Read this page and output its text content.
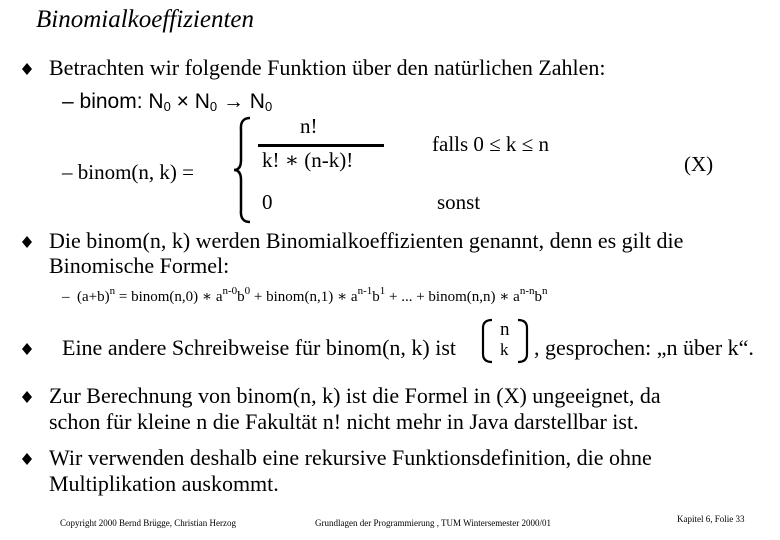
Binomialkoeffizienten
Betrachten wir folgende Funktion über den natürlichen Zahlen:
– binom: $N_0 \times N_0 \to N_0$
– binom(n, k) =
n!
k! ∗ (n-k)!
falls 0 ≤ k ≤ n
0	sonst
(X)
Die binom(n, k) werden Binomialkoeffizienten genannt, denn es gilt die
Binomische Formel:
– $(a+b)^n$ = binom(n,0) ∗ $a^{n-0}b^0$ + binom(n,1) ∗ $a^{n-1}b^1$ + ... + binom(n,n) ∗ $a^{n-n}b^n$
Eine andere Schreibweise für binom(n, k) ist
n
k , gesprochen: „n über k“.
Zur Berechnung von binom(n, k) ist die Formel in (X) ungeeignet, da
schon für kleine n die Fakultät n! nicht mehr in Java darstellbar ist.
Wir verwenden deshalb eine rekursive Funktionsdefinition, die ohne
Multiplikation auskommt.
Copyright 2000 Bernd Brügge, Christian Herzog	Grundlagen der Programmierung , TUM Wintersemester 2000/01	Kapitel 6, Folie 33
